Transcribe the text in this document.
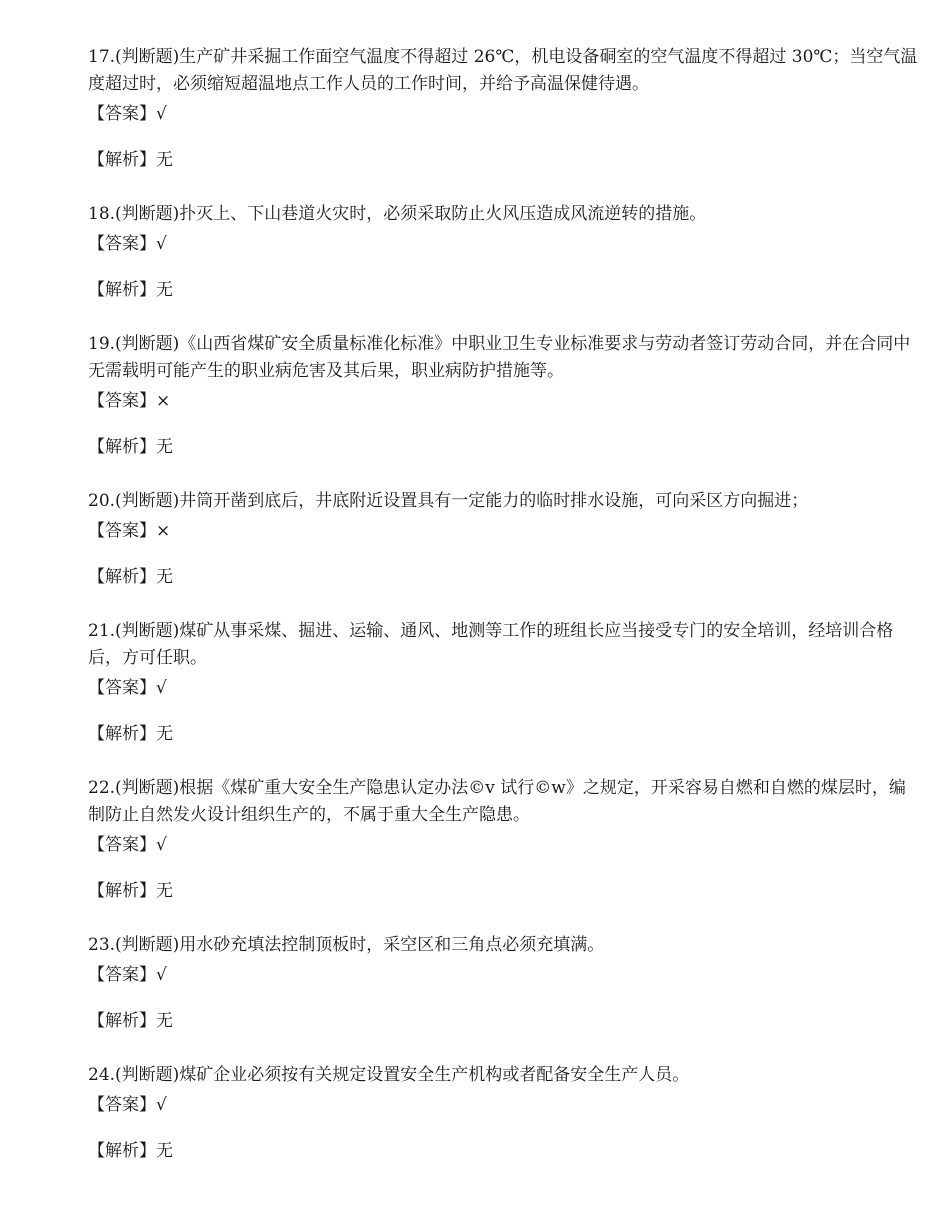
17.(判断题)生产矿井采掘工作面空气温度不得超过 26℃，机电设备硐室的空气温度不得超过 30℃；当空气温度超过时，必须缩短超温地点工作人员的工作时间，并给予高温保健待遇。

【答案】√

【解析】无

18.(判断题)扑灭上、下山巷道火灾时，必须采取防止火风压造成风流逆转的措施。

【答案】√

【解析】无

19.(判断题)《山西省煤矿安全质量标准化标准》中职业卫生专业标准要求与劳动者签订劳动合同，并在合同中无需载明可能产生的职业病危害及其后果，职业病防护措施等。

【答案】×

【解析】无

20.(判断题)井筒开凿到底后，井底附近设置具有一定能力的临时排水设施，可向采区方向掘进；

【答案】×

【解析】无

21.(判断题)煤矿从事采煤、掘进、运输、通风、地测等工作的班组长应当接受专门的安全培训，经培训合格后，方可任职。

【答案】√

【解析】无

22.(判断题)根据《煤矿重大安全生产隐患认定办法©v 试行©w》之规定，开采容易自燃和自燃的煤层时，编制防止自然发火设计组织生产的，不属于重大全生产隐患。

【答案】√

【解析】无

23.(判断题)用水砂充填法控制顶板时，采空区和三角点必须充填满。

【答案】√

【解析】无

24.(判断题)煤矿企业必须按有关规定设置安全生产机构或者配备安全生产人员。

【答案】√

【解析】无
